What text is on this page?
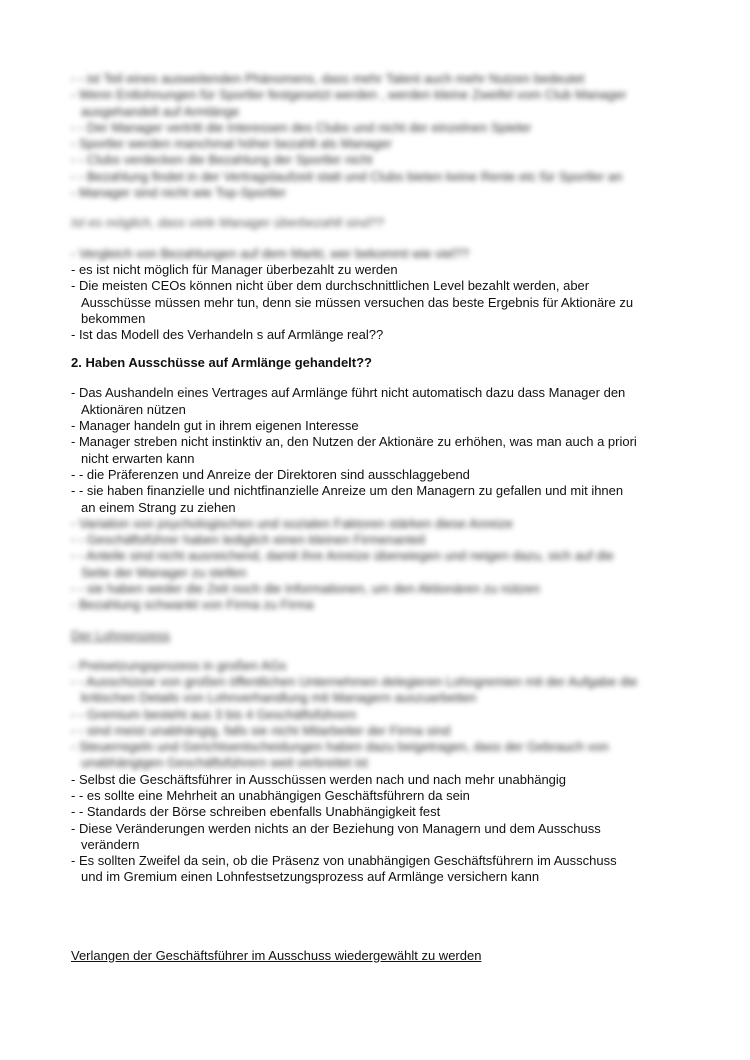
- - ist Teil eines ausweitenden Phänomens, dass mehr Talent auch mehr Nutzen bedeutet
- Wenn Entlohnungen für Sportler festgesetzt werden , werden kleine Zweifel vom Club Manager
ausgehandelt auf Armlänge
- - Der Manager vertritt die Interessen des Clubs und nicht der einzelnen Spieler
- Sportler werden manchmal höher bezahlt als Manager
- - Clubs verdecken die Bezahlung der Sportler nicht
- - Bezahlung findet in der Vertragslaufzeit statt und Clubs bieten keine Rente etc für Sportler an
- Manager sind nicht wie Top-Sportler
Ist es möglich, dass viele Manager überbezahlt sind??
- Vergleich von Bezahlungen auf dem Markt, wer bekommt wie viel??
- es ist nicht möglich für Manager überbezahlt zu werden
- Die meisten CEOs können nicht über dem durchschnittlichen Level bezahlt werden, aber
Ausschüsse müssen mehr tun, denn sie müssen versuchen das beste Ergebnis für Aktionäre zu
bekommen
- Ist das Modell des Verhandeln s auf Armlänge real??
2. Haben Ausschüsse auf Armlänge gehandelt??
- Das Aushandeln eines Vertrages auf Armlänge führt nicht automatisch dazu dass Manager den
Aktionären nützen
- Manager handeln gut in ihrem eigenen Interesse
- Manager streben nicht instinktiv an, den Nutzen der Aktionäre zu erhöhen, was man auch a priori
nicht erwarten kann
- - die Präferenzen und Anreize der Direktoren sind ausschlaggebend
- - sie haben finanzielle und nichtfinanzielle Anreize um den Managern zu gefallen und mit ihnen
an einem Strang zu ziehen
- Variation von psychologischen und sozialen Faktoren stärken diese Anreize
- - Geschäftsführer haben lediglich einen kleinen Firmenanteil
- - Anteile sind nicht ausreichend, damit ihre Anreize überwiegen und neigen dazu, sich auf die
Seite der Manager zu stellen
- - sie haben weder die Zeit noch die Informationen, um den Aktionären zu nützen
- Bezahlung schwankt von Firma zu Firma
Der Lohnprozess
- Preisetzungsprozess in großen AGs
- - Ausschüsse von großen öffentlichen Unternehmen delegieren Lohngremien mit der Aufgabe die
kritischen Details von Lohnverhandlung mit Managern auszuarbeiten
- - Gremium besteht aus 3 bis 4 Geschäftsführern
- - sind meist unabhängig, falls sie nicht Mitarbeiter der Firma sind
- Steuerregeln und Gerichtsentscheidungen haben dazu beigetragen, dass der Gebrauch von
unabhängigen Geschäftsführern weit verbreitet ist
- Selbst die Geschäftsführer in Ausschüssen werden nach und nach mehr unabhängig
- - es sollte eine Mehrheit an unabhängigen Geschäftsführern da sein
- - Standards der Börse schreiben ebenfalls Unabhängigkeit fest
- Diese Veränderungen werden nichts an der Beziehung von Managern und dem Ausschuss
verändern
- Es sollten Zweifel da sein, ob die Präsenz von unabhängigen Geschäftsführern im Ausschuss
und im Gremium einen Lohnfestsetzungsprozess auf Armlänge versichern kann
Verlangen der Geschäftsführer im Ausschuss wiedergewählt zu werden
